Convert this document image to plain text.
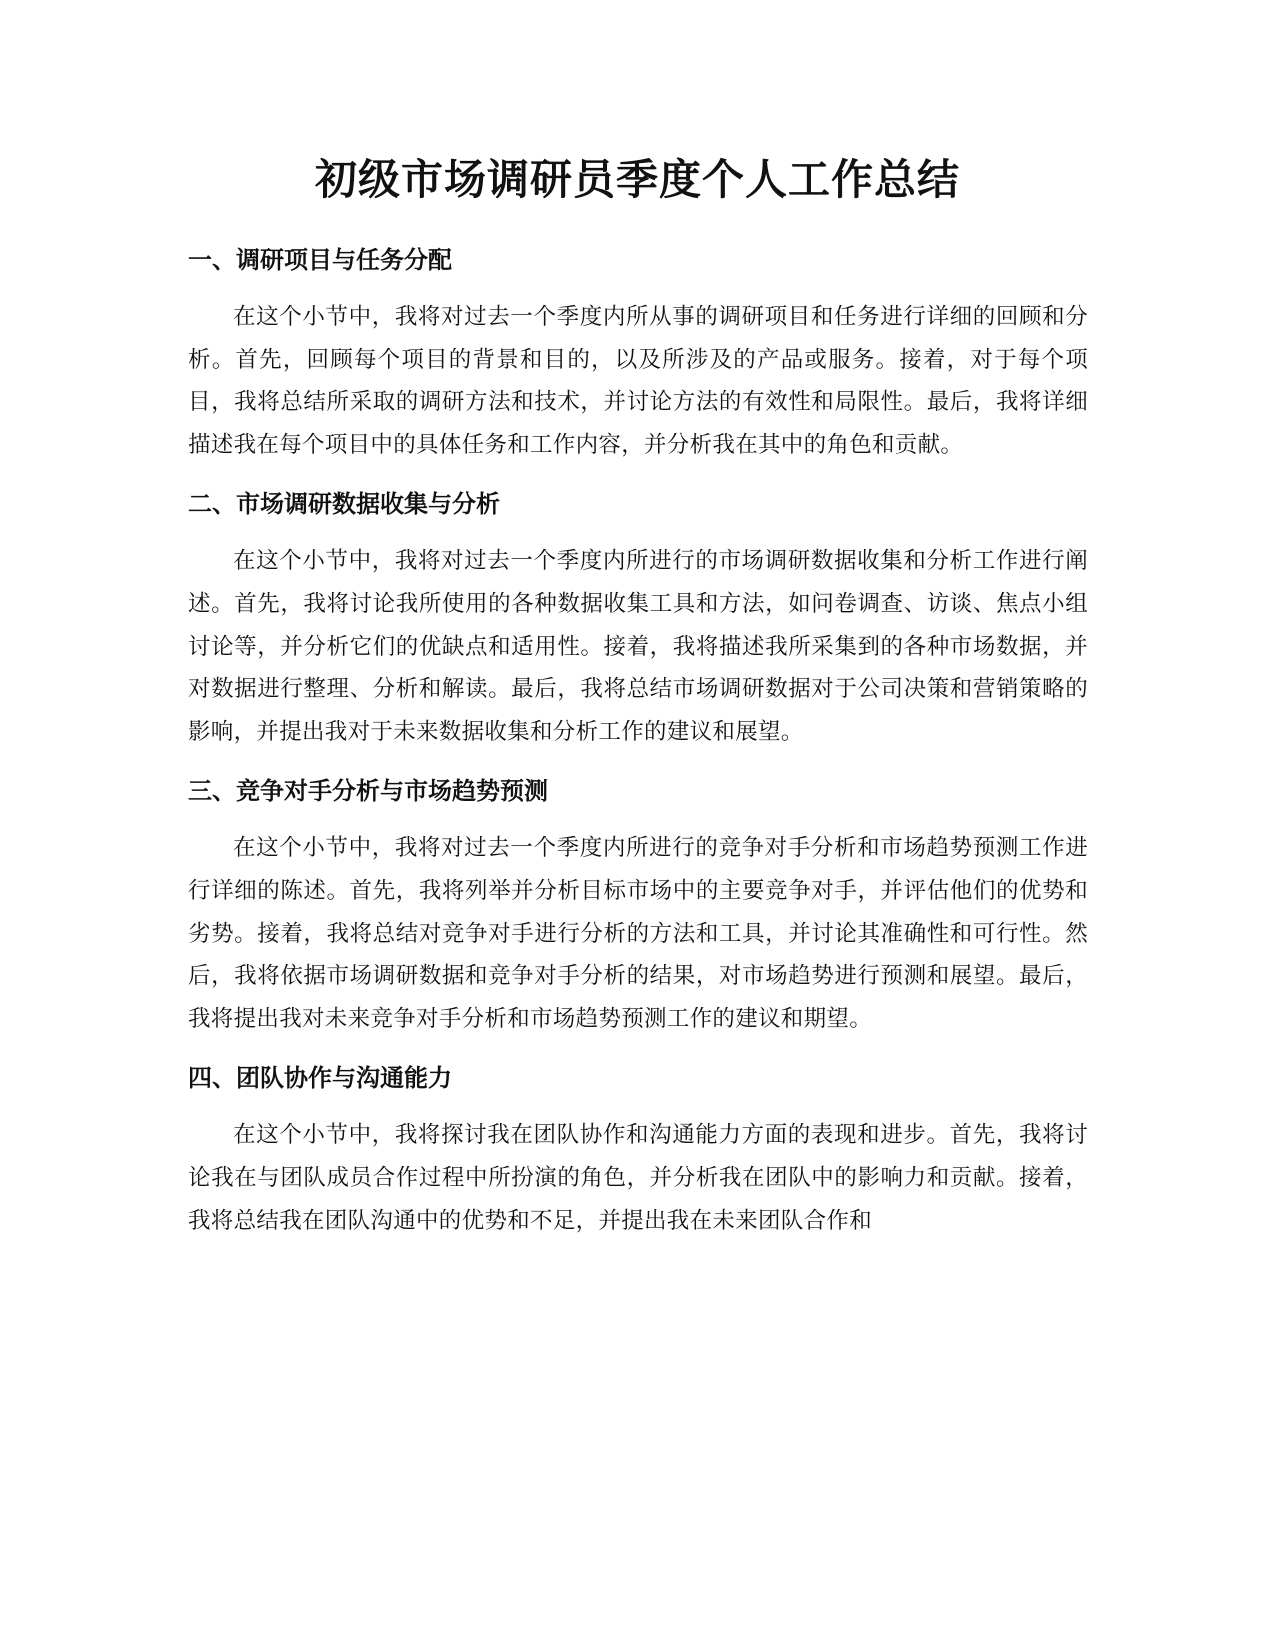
初级市场调研员季度个人工作总结
一、调研项目与任务分配

在这个小节中，我将对过去一个季度内所从事的调研项目和任务进行详细的回顾和分析。首先，回顾每个项目的背景和目的，以及所涉及的产品或服务。接着，对于每个项目，我将总结所采取的调研方法和技术，并讨论方法的有效性和局限性。最后，我将详细描述我在每个项目中的具体任务和工作内容，并分析我在其中的角色和贡献。

二、市场调研数据收集与分析

在这个小节中，我将对过去一个季度内所进行的市场调研数据收集和分析工作进行阐述。首先，我将讨论我所使用的各种数据收集工具和方法，如问卷调查、访谈、焦点小组讨论等，并分析它们的优缺点和适用性。接着，我将描述我所采集到的各种市场数据，并对数据进行整理、分析和解读。最后，我将总结市场调研数据对于公司决策和营销策略的影响，并提出我对于未来数据收集和分析工作的建议和展望。

三、竞争对手分析与市场趋势预测

在这个小节中，我将对过去一个季度内所进行的竞争对手分析和市场趋势预测工作进行详细的陈述。首先，我将列举并分析目标市场中的主要竞争对手，并评估他们的优势和劣势。接着，我将总结对竞争对手进行分析的方法和工具，并讨论其准确性和可行性。然后，我将依据市场调研数据和竞争对手分析的结果，对市场趋势进行预测和展望。最后，我将提出我对未来竞争对手分析和市场趋势预测工作的建议和期望。

四、团队协作与沟通能力

在这个小节中，我将探讨我在团队协作和沟通能力方面的表现和进步。首先，我将讨论我在与团队成员合作过程中所扮演的角色，并分析我在团队中的影响力和贡献。接着，我将总结我在团队沟通中的优势和不足，并提出我在未来团队合作和
